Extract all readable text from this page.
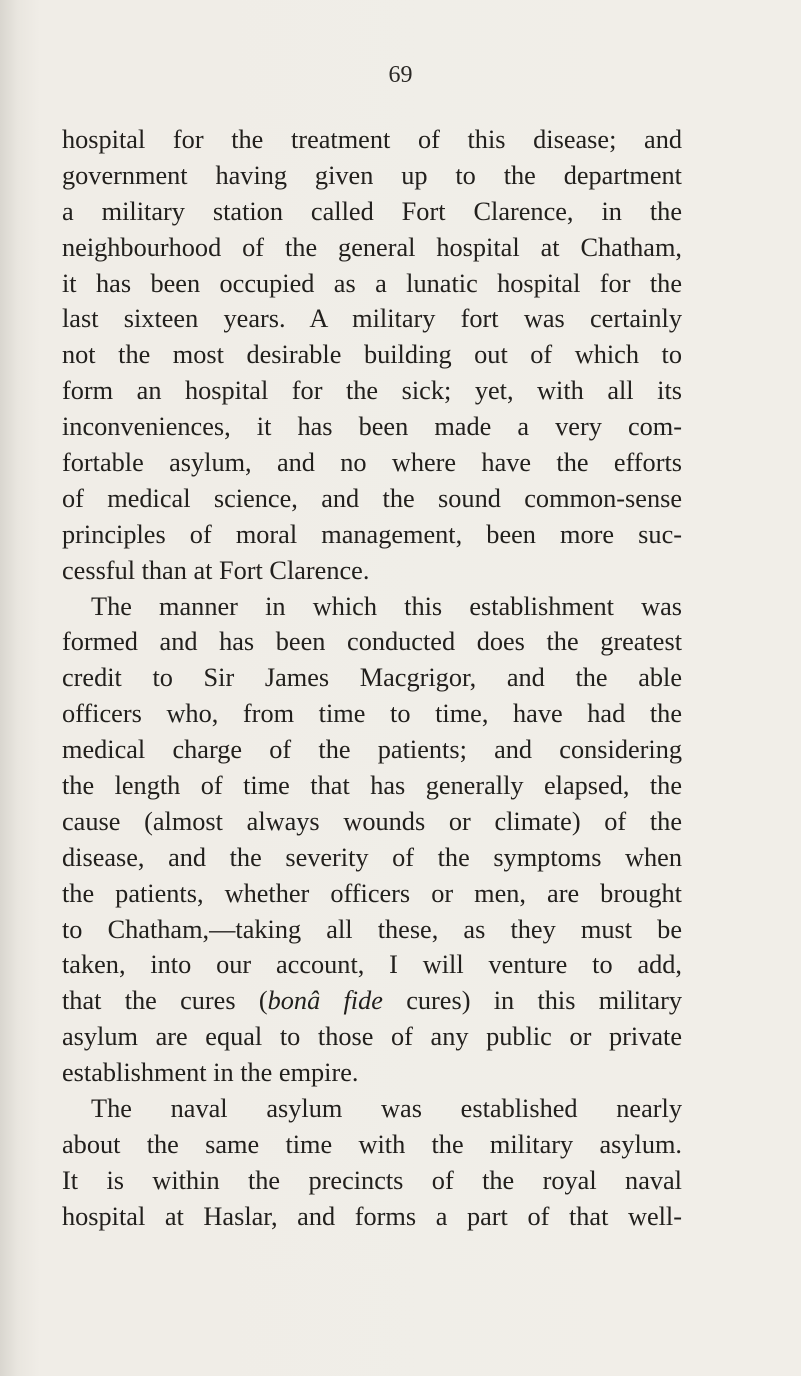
69
hospital for the treatment of this disease; and
government having given up to the department
a military station called Fort Clarence, in the
neighbourhood of the general hospital at Chatham,
it has been occupied as a lunatic hospital for the
last sixteen years. A military fort was certainly
not the most desirable building out of which to
form an hospital for the sick; yet, with all its
inconveniences, it has been made a very com-
fortable asylum, and no where have the efforts
of medical science, and the sound common-sense
principles of moral management, been more suc-
cessful than at Fort Clarence.
The manner in which this establishment was
formed and has been conducted does the greatest
credit to Sir James Macgrigor, and the able
officers who, from time to time, have had the
medical charge of the patients; and considering
the length of time that has generally elapsed, the
cause (almost always wounds or climate) of the
disease, and the severity of the symptoms when
the patients, whether officers or men, are brought
to Chatham,—taking all these, as they must be
taken, into our account, I will venture to add,
that the cures (bonâ fide cures) in this military
asylum are equal to those of any public or private
establishment in the empire.
The naval asylum was established nearly
about the same time with the military asylum.
It is within the precincts of the royal naval
hospital at Haslar, and forms a part of that well-
